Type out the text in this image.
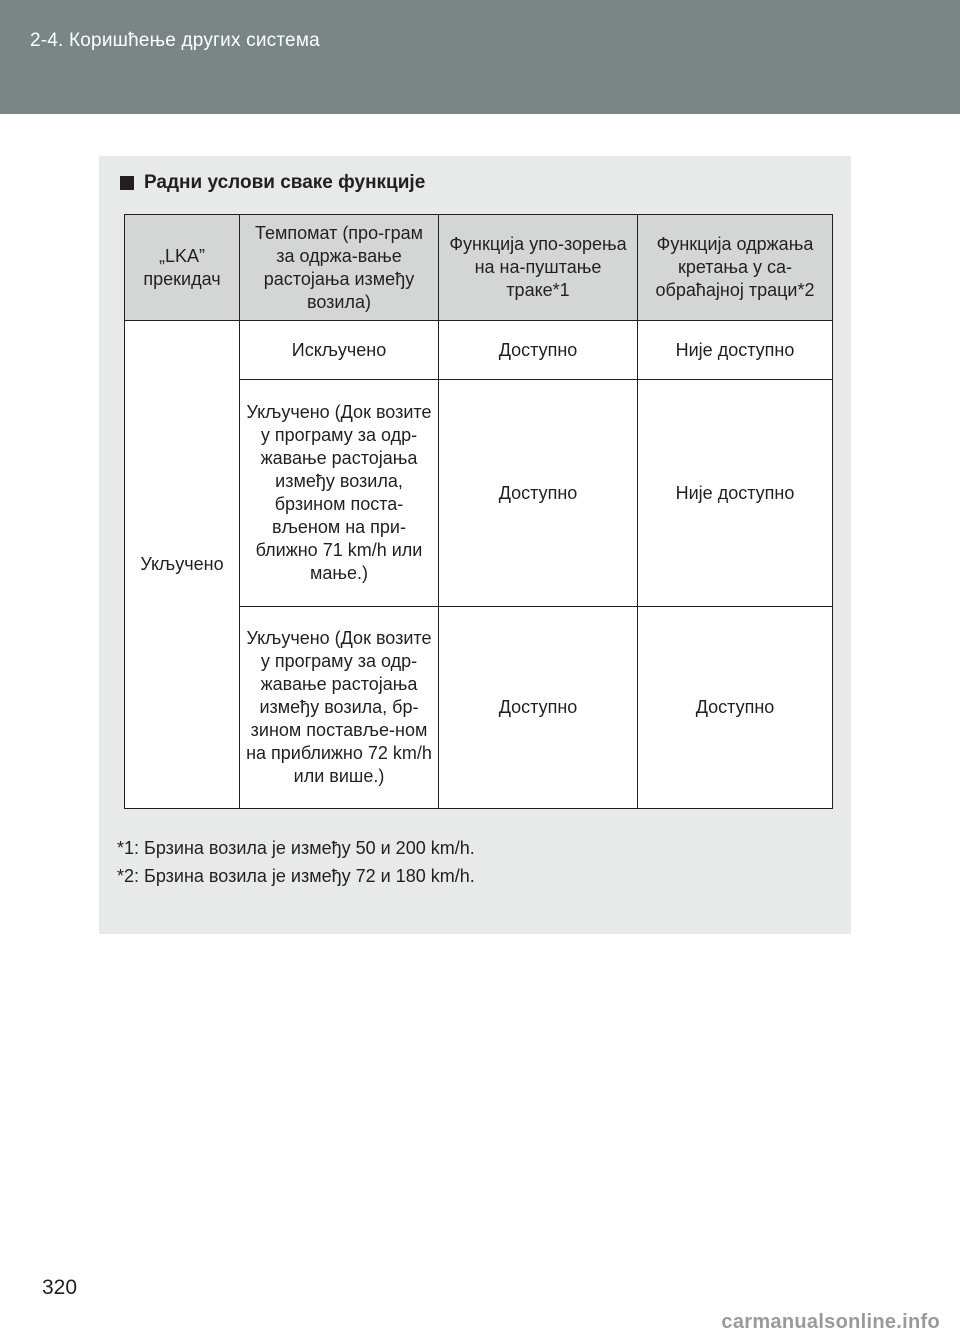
2-4. Коришћење других система
Радни услови сваке функције
„LKA” прекидач	Темпомат (про-грам за одржа-вање растојања између возила)	Функција упо-зорења на на-пуштање траке*1	Функција одржања кретања у са-обраћајној траци*2
Укључено	Искључено	Доступно	Није доступно
	Укључено (Док возите у програму за одр-жавање растојања између возила, брзином поста-вљеном на при-ближно 71 km/h или мање.)	Доступно	Није доступно
	Укључено (Док возите у програму за одр-жавање растојања између возила, бр-зином постављe-ном на приближно 72 km/h или више.)	Доступно	Доступно
*1: Брзина возила је између 50 и 200 km/h.
*2: Брзина возила је између 72 и 180 km/h.
320
carmanualsonline.info
